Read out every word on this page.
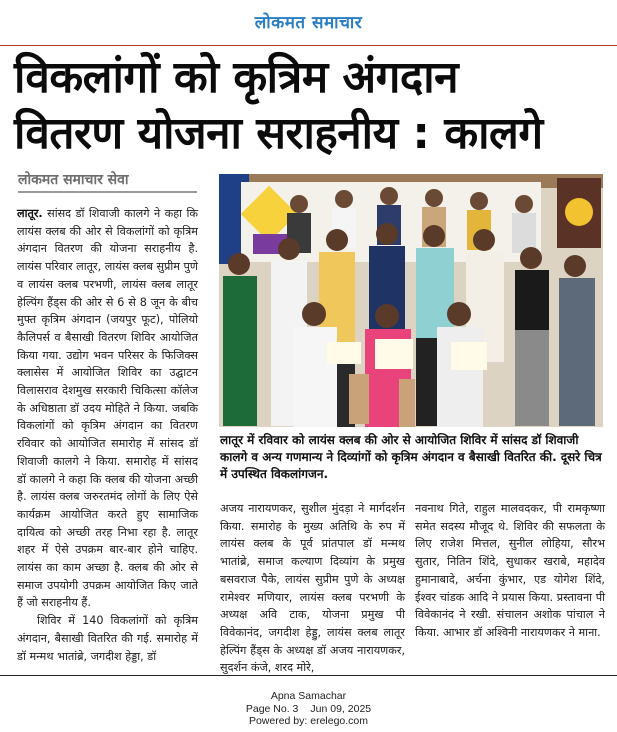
लोकमत समाचार
विकलांगों को कृत्रिम अंगदान
वितरण योजना सराहनीय : कालगे
लोकमत समाचार सेवा

लातूर. सांसद डॉ शिवाजी कालगे ने कहा कि लायंस क्लब की ओर से विकलांगों को कृत्रिम अंगदान वितरण की योजना सराहनीय है. लायंस परिवार लातूर, लायंस क्लब सुप्रीम पुणे व लायंस क्लब परभणी, लायंस क्लब लातूर हेल्पिंग हैंड्स की ओर से 6 से 8 जून के बीच मुफ्त कृत्रिम अंगदान (जयपुर फूट), पोलियो कैलिपर्स व बैसाखी वितरण शिविर आयोजित किया गया. उद्योग भवन परिसर के फिजिक्स क्लासेस में आयोजित शिविर का उद्घाटन विलासराव देशमुख सरकारी चिकित्सा कॉलेज के अधिष्ठाता डॉ उदय मोहिते ने किया. जबकि विकलांगों को कृत्रिम अंगदान का वितरण रविवार को आयोजित समारोह में सांसद डॉ शिवाजी कालगे ने किया. समारोह में सांसद डॉ कालगे ने कहा कि क्लब की योजना अच्छी है. लायंस क्लब जरुरतमंद लोगों के लिए ऐसे कार्यक्रम आयोजित करते हुए सामाजिक दायित्व को अच्छी तरह निभा रहा है. लातूर शहर में ऐसे उपक्रम बार-बार होने चाहिए. लायंस का काम अच्छा है. क्लब की ओर से समाज उपयोगी उपक्रम आयोजित किए जाते हैं जो सराहनीय हैं.

शिविर में 140 विकलांगों को कृत्रिम अंगदान, बैसाखी वितरित की गई. समारोह में डॉ मन्मथ भातांब्रे, जगदीश हेड्डा, डॉ

लातूर में रविवार को लायंस क्लब की ओर से आयोजित शिविर में सांसद डॉ शिवाजी कालगे व अन्य गणमान्य ने दिव्यांगों को कृत्रिम अंगदान व बैसाखी वितरित की. दूसरे चित्र में उपस्थित विकलांगजन.

अजय नारायणकर, सुशील मुंदड़ा ने मार्गदर्शन किया. समारोह के मुख्य अतिथि के रुप में लायंस क्लब के पूर्व प्रांतपाल डॉ मन्मथ भातांब्रे, समाज कल्याण दिव्यांग के प्रमुख बसवराज पैके, लायंस सुप्रीम पुणे के अध्यक्ष रामेश्वर मणियार, लायंस क्लब परभणी के अध्यक्ष अवि टाक, योजना प्रमुख पी विवेकानंद, जगदीश हेड्डु, लायंस क्लब लातूर हेल्पिंग हैंड्स के अध्यक्ष डॉ अजय नारायणकर, सुदर्शन कंजे, शरद मोरे,

नवनाथ गिते, राहुल मालवदकर, पी रामकृष्णा समेत सदस्य मौजूद थे. शिविर की सफलता के लिए राजेश मित्तल, सुनील लोहिया, सौरभ सुतार, नितिन शिंदे, सुधाकर खराबे, महादेव हुमानाबादे, अर्चना कुंभार, एड योगेश शिंदे, ईश्वर चांडक आदि ने प्रयास किया. प्रस्तावना पी विवेकानंद ने रखी. संचालन अशोक पांचाल ने किया. आभार डॉ अश्विनी नारायणकर ने माना.

Apna Samachar
Page No. 3 Jun 09, 2025
Powered by: erelego.com
